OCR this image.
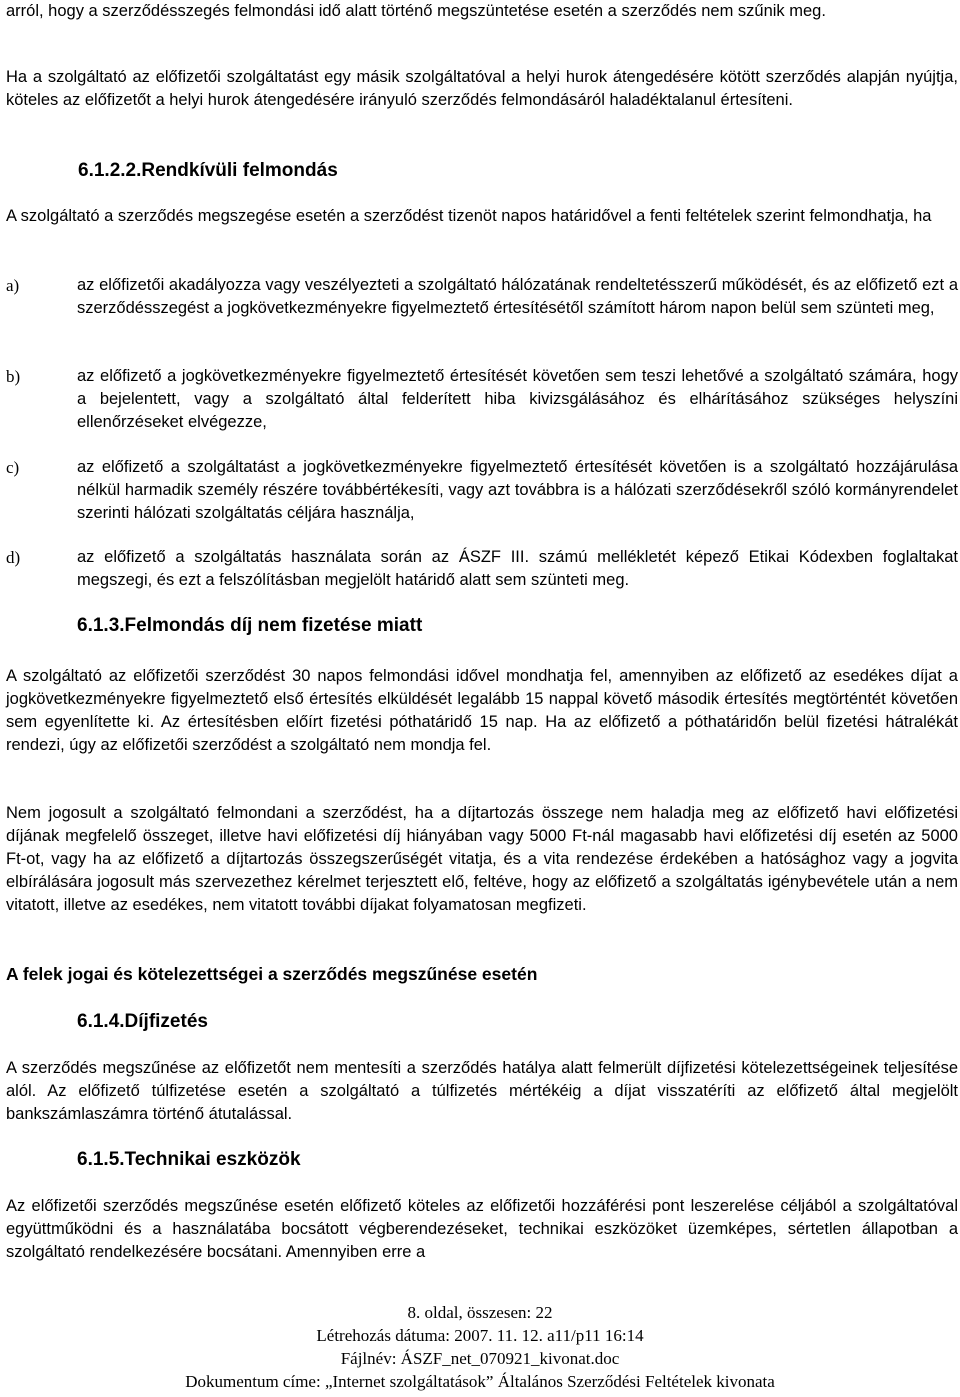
arról, hogy a szerződésszegés felmondási idő alatt történő megszüntetése esetén a szerződés nem szűnik meg.

Ha a szolgáltató az előfizetői szolgáltatást egy másik szolgáltatóval a helyi hurok átengedésére kötött szerződés alapján nyújtja, köteles az előfizetőt a helyi hurok átengedésére irányuló szerződés felmondásáról haladéktalanul értesíteni.

6.1.2.2.Rendkívüli felmondás

A szolgáltató a szerződés megszegése esetén a szerződést tizenöt napos határidővel a fenti feltételek szerint felmondhatja, ha

a)	az előfizetői akadályozza vagy veszélyezteti a szolgáltató hálózatának rendeltetésszerű működését, és az előfizető ezt a szerződésszegést a jogkövetkezményekre figyelmeztető értesítésétől számított három napon belül sem szünteti meg,

b)	az előfizető a jogkövetkezményekre figyelmeztető értesítését követően sem teszi lehetővé a szolgáltató számára, hogy a bejelentett, vagy a szolgáltató által felderített hiba kivizsgálásához és elhárításához szükséges helyszíni ellenőrzéseket elvégezze,

c)	az előfizető a szolgáltatást a jogkövetkezményekre figyelmeztető értesítését követően is a szolgáltató hozzájárulása nélkül harmadik személy részére továbbértékesíti, vagy azt továbbra is a hálózati szerződésekről szóló kormányrendelet szerinti hálózati szolgáltatás céljára használja,

d)	az előfizető a szolgáltatás használata során az ÁSZF III. számú mellékletét képező Etikai Kódexben foglaltakat megszegi, és ezt a felszólításban megjelölt határidő alatt sem szünteti meg.

6.1.3.Felmondás díj nem fizetése miatt

A szolgáltató az előfizetői szerződést 30 napos felmondási idővel mondhatja fel, amennyiben az előfizető az esedékes díjat a jogkövetkezményekre figyelmeztető első értesítés elküldését legalább 15 nappal követő második értesítés megtörténtét követően sem egyenlítette ki. Az értesítésben előírt fizetési póthatáridő 15 nap. Ha az előfizető a póthatáridőn belül fizetési hátralékát rendezi, úgy az előfizetői szerződést a szolgáltató nem mondja fel.

Nem jogosult a szolgáltató felmondani a szerződést, ha a díjtartozás összege nem haladja meg az előfizető havi előfizetési díjának megfelelő összeget, illetve havi előfizetési díj hiányában vagy 5000 Ft-nál magasabb havi előfizetési díj esetén az 5000 Ft-ot, vagy ha az előfizető a díjtartozás összegszerűségét vitatja, és a vita rendezése érdekében a hatósághoz vagy a jogvita elbírálására jogosult más szervezethez kérelmet terjesztett elő, feltéve, hogy az előfizető a szolgáltatás igénybevétele után a nem vitatott, illetve az esedékes, nem vitatott további díjakat folyamatosan megfizeti.

A felek jogai és kötelezettségei a szerződés megszűnése esetén
6.1.4.Díjfizetés

A szerződés megszűnése az előfizetőt nem mentesíti a szerződés hatálya alatt felmerült díjfizetési kötelezettségeinek teljesítése alól. Az előfizető túlfizetése esetén a szolgáltató a túlfizetés mértékéig a díjat visszatéríti az előfizető által megjelölt bankszámlaszámra történő átutalással.

6.1.5.Technikai eszközök

Az előfizetői szerződés megszűnése esetén előfizető köteles az előfizetői hozzáférési pont leszerelése céljából a szolgáltatóval együttműködni és a használatába bocsátott végberendezéseket, technikai eszközöket üzemképes, sértetlen állapotban a szolgáltató rendelkezésére bocsátani. Amennyiben erre a

8. oldal, összesen: 22
Létrehozás dátuma: 2007. 11. 12. a11/p11 16:14
Fájlnév: ÁSZF_net_070921_kivonat.doc
Dokumentum címe: „Internet szolgáltatások” Általános Szerződési Feltételek kivonata
